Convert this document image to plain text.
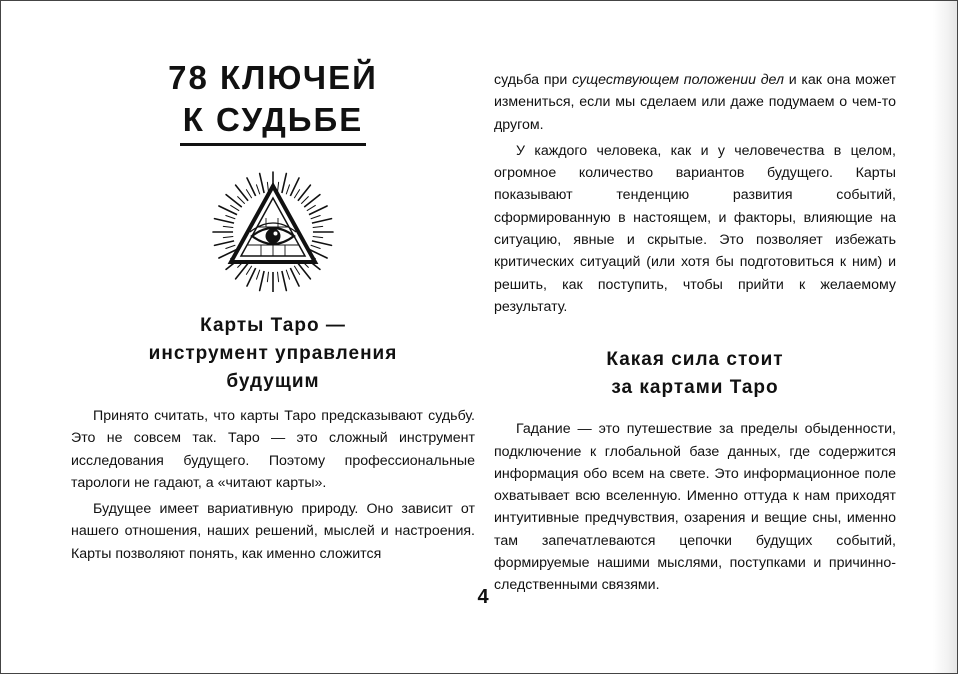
78 КЛЮЧЕЙ
К СУДЬБЕ
Карты Таро —
инструмент управления
будущим

Принято считать, что карты Таро предсказывают судьбу. Это не совсем так. Таро — это сложный инструмент исследования будущего. Поэтому профессиональные тарологи не гадают, а «читают карты».

Будущее имеет вариативную природу. Оно зависит от нашего отношения, наших решений, мыслей и настроения. Карты позволяют понять, как именно сложится

судьба при существующем положении дел и как она может измениться, если мы сделаем или даже подумаем о чем-то другом.

У каждого человека, как и у человечества в целом, огромное количество вариантов будущего. Карты показывают тенденцию развития событий, сформированную в настоящем, и факторы, влияющие на ситуацию, явные и скрытые. Это позволяет избежать критических ситуаций (или хотя бы подготовиться к ним) и решить, как поступить, чтобы прийти к желаемому результату.

Какая сила стоит
за картами Таро

Гадание — это путешествие за пределы обыденности, подключение к глобальной базе данных, где содержится информация обо всем на свете. Это информационное поле охватывает всю вселенную. Именно оттуда к нам приходят интуитивные предчувствия, озарения и вещие сны, именно там запечатлеваются цепочки будущих событий, формируемые нашими мыслями, поступками и причинно-следственными связями.

4
